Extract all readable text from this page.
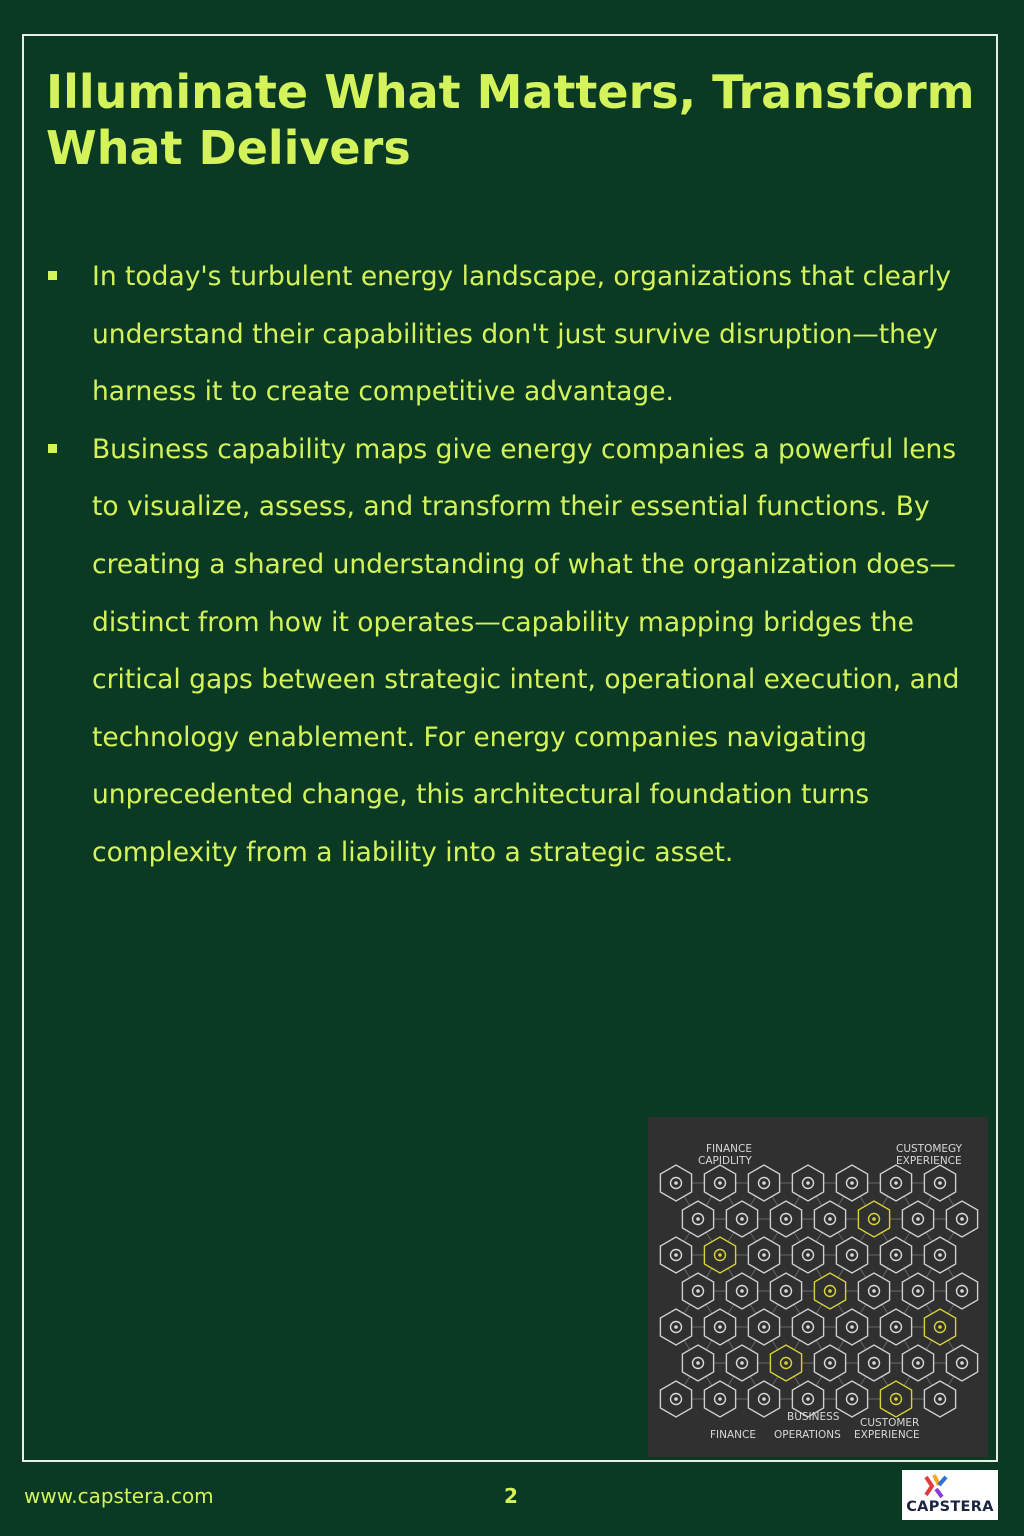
Illuminate What Matters, Transform What Delivers
In today's turbulent energy landscape, organizations that clearly understand their capabilities don't just survive disruption—they harness it to create competitive advantage.
Business capability maps give energy companies a powerful lens to visualize, assess, and transform their essential functions. By creating a shared understanding of what the organization does—distinct from how it operates—capability mapping bridges the critical gaps between strategic intent, operational execution, and technology enablement. For energy companies navigating unprecedented change, this architectural foundation turns complexity from a liability into a strategic asset.
FINANCE
CAPIDLITY
CUSTOMEGY
EXPERIENCE
FINANCE
BUSINESS
OPERATIONS
CUSTOMER
EXPERIENCE
www.capstera.com	2	CAPSTERA
